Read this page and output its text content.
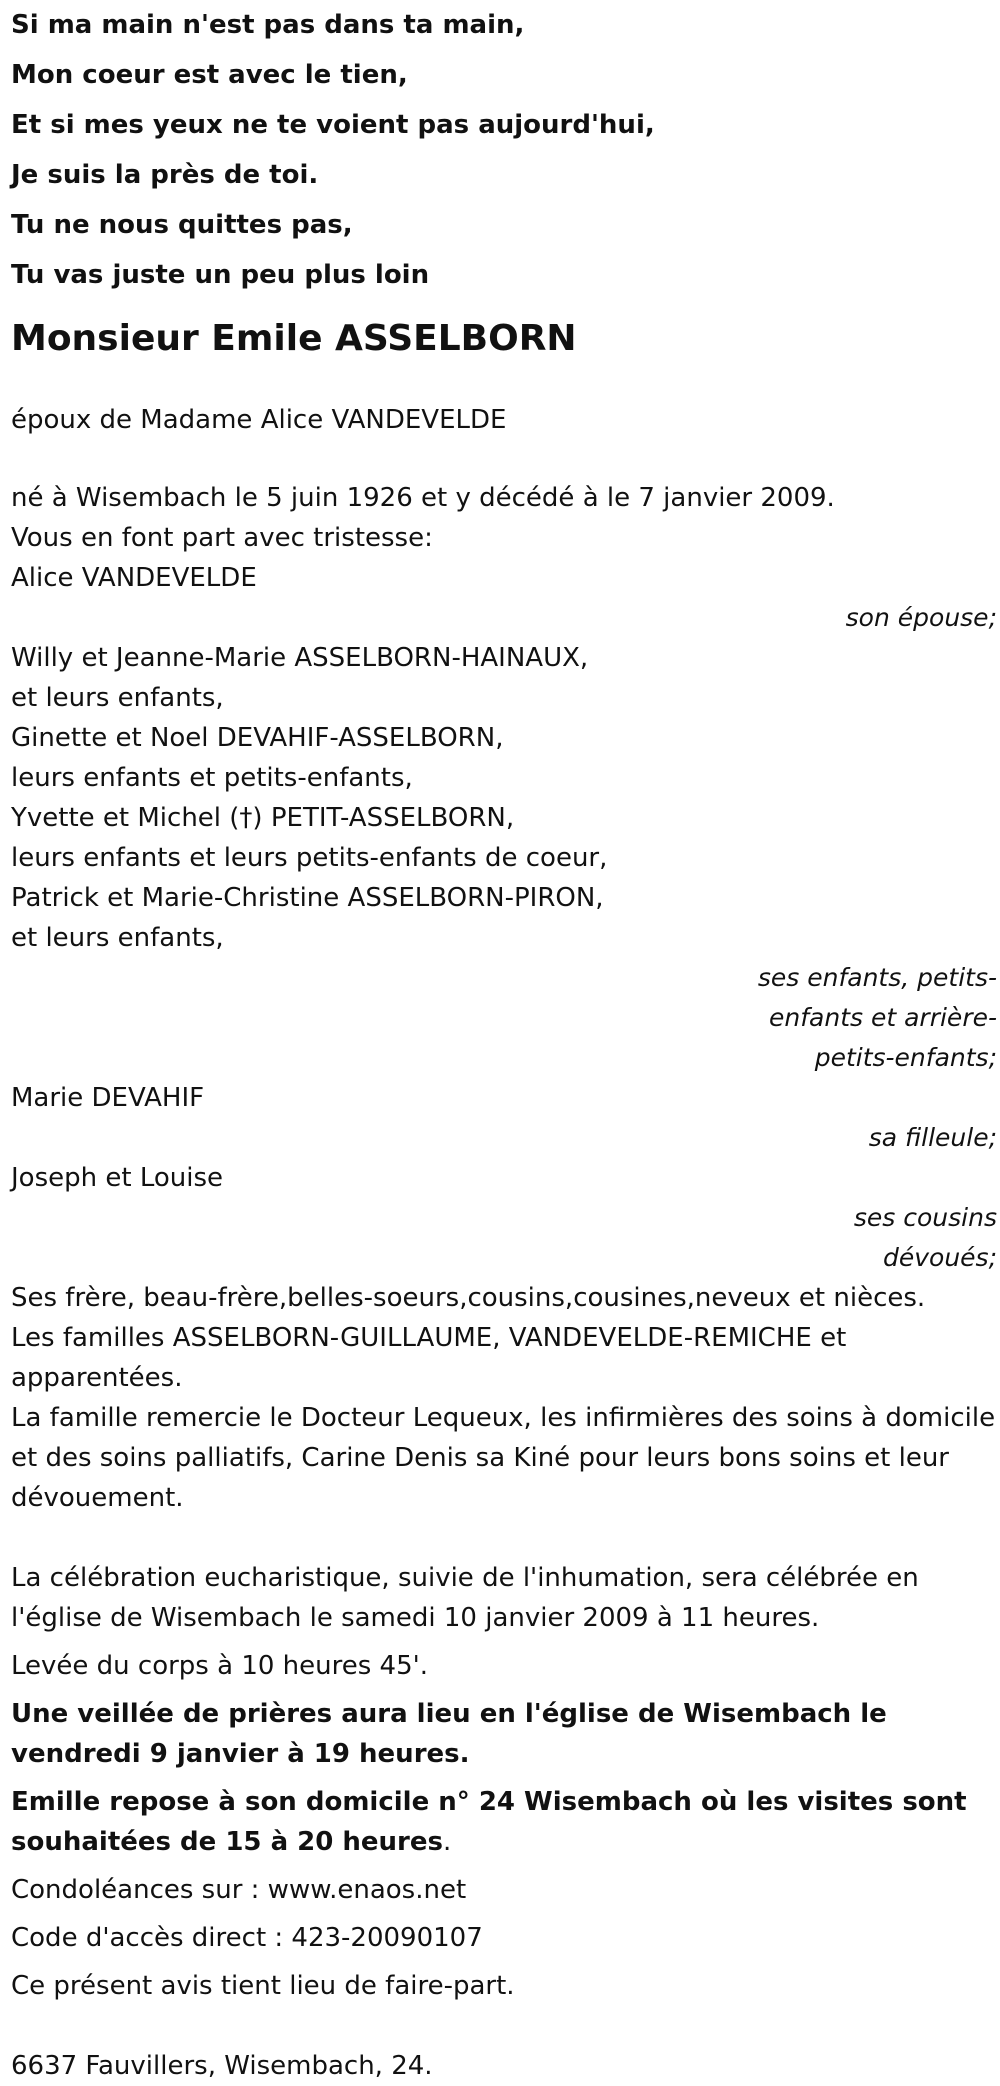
Si ma main n'est pas dans ta main,

Mon coeur est avec le tien,

Et si mes yeux ne te voient pas aujourd'hui,

Je suis la près de toi.

Tu ne nous quittes pas,

Tu vas juste un peu plus loin

Monsieur Emile ASSELBORN

époux de Madame Alice VANDEVELDE

né à Wisembach le 5 juin 1926 et y décédé à le 7 janvier 2009.

Vous en font part avec tristesse:

Alice VANDEVELDE

son épouse;

Willy et Jeanne-Marie ASSELBORN-HAINAUX,

et leurs enfants,

Ginette et Noel DEVAHIF-ASSELBORN,

leurs enfants et petits-enfants,

Yvette et Michel (†) PETIT-ASSELBORN,

leurs enfants et leurs petits-enfants de coeur,

Patrick et Marie-Christine ASSELBORN-PIRON,

et leurs enfants,

ses enfants, petits-

enfants et arrière-

petits-enfants;

Marie DEVAHIF

sa filleule;

Joseph et Louise

ses cousins

dévoués;

Ses frère, beau-frère,belles-soeurs,cousins,cousines,neveux et nièces.

Les familles ASSELBORN-GUILLAUME, VANDEVELDE-REMICHE et apparentées.

La famille remercie le Docteur Lequeux, les infirmières des soins à domicile et des soins palliatifs, Carine Denis sa Kiné pour leurs bons soins et leur dévouement.

La célébration eucharistique, suivie de l'inhumation, sera célébrée en l'église de Wisembach le samedi 10 janvier 2009 à 11 heures.

Levée du corps à 10 heures 45'.

Une veillée de prières aura lieu en l'église de Wisembach le vendredi 9 janvier à 19 heures.

Emille repose à son domicile n° 24 Wisembach où les visites sont souhaitées de 15 à 20 heures.

Condoléances sur : www.enaos.net

Code d'accès direct : 423-20090107

Ce présent avis tient lieu de faire-part.

6637 Fauvillers, Wisembach, 24.
